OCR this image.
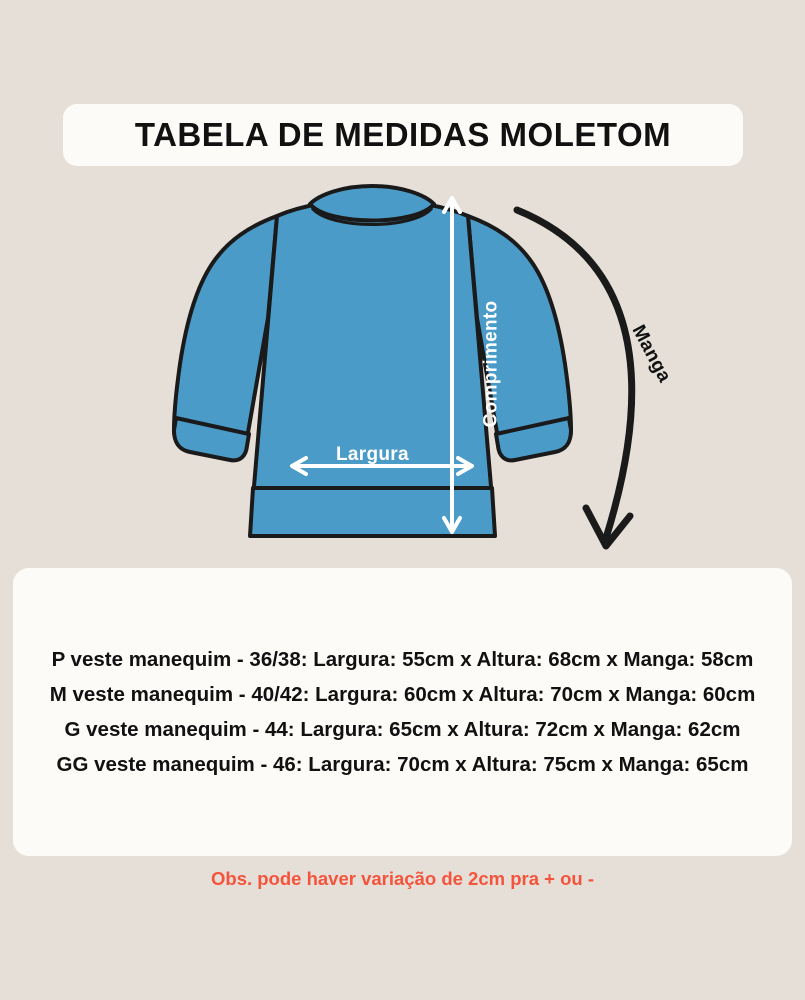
TABELA DE MEDIDAS MOLETOM
Comprimento
Largura
Manga

P veste manequim - 36/38: Largura: 55cm x Altura: 68cm x Manga: 58cm

M veste manequim - 40/42: Largura: 60cm x Altura: 70cm x Manga: 60cm

G veste manequim - 44: Largura: 65cm x Altura: 72cm x Manga: 62cm

GG veste manequim - 46: Largura: 70cm x Altura: 75cm x Manga: 65cm

Obs. pode haver variação de 2cm pra + ou -
